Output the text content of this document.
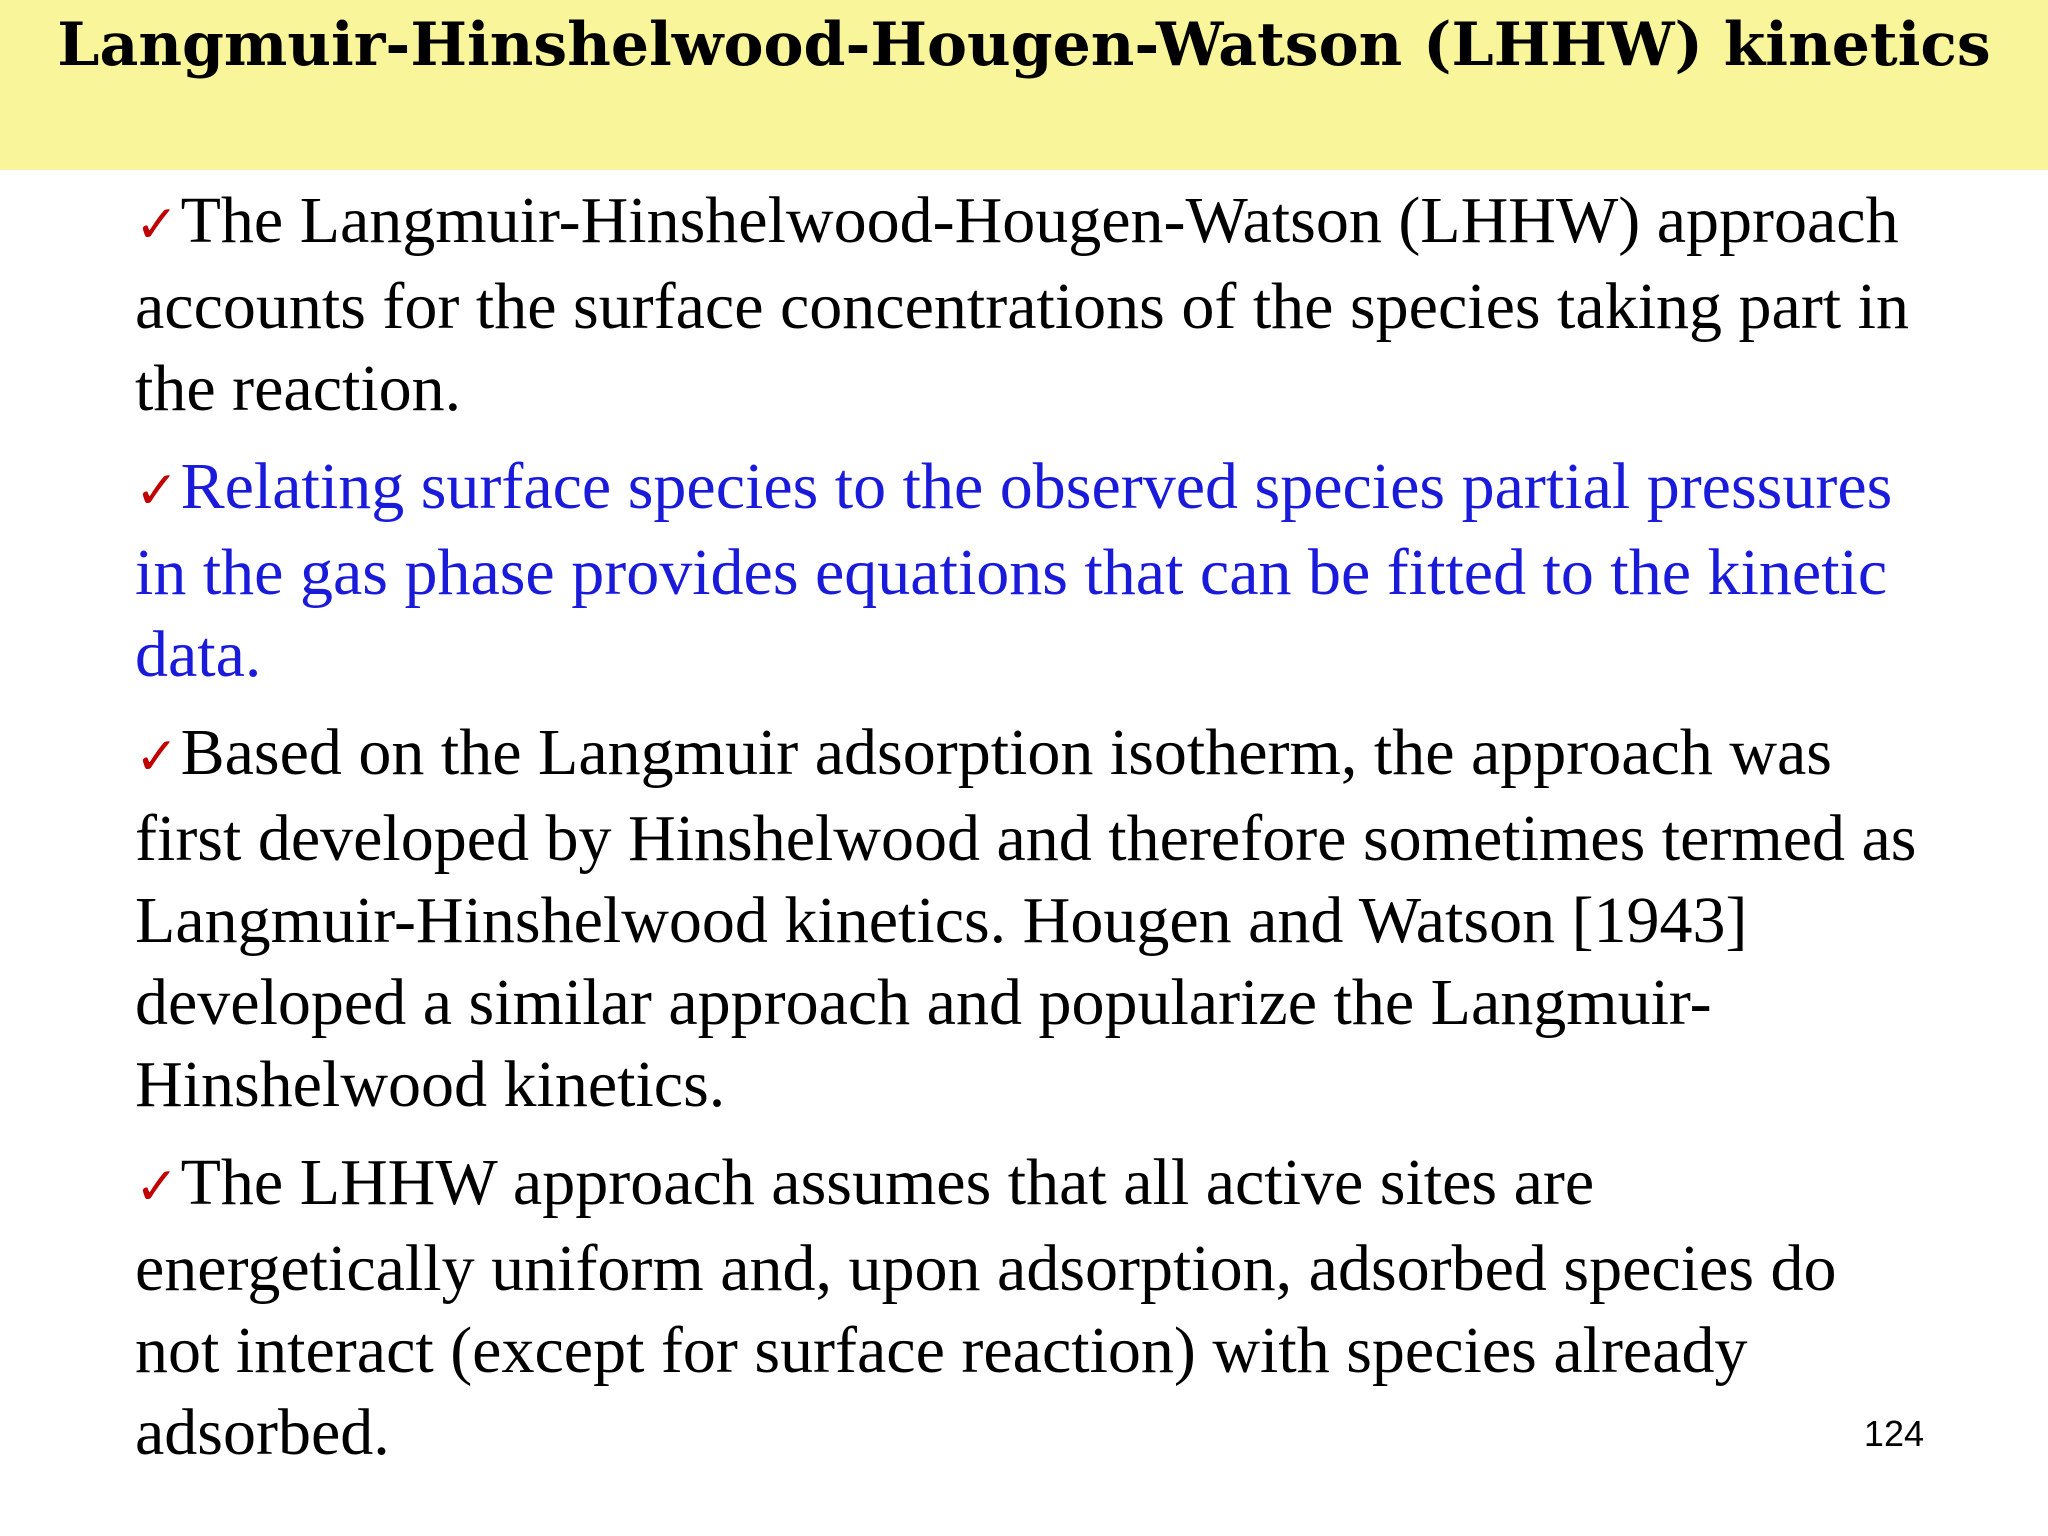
Langmuir-Hinshelwood-Hougen-Watson (LHHW) kinetics
✓The Langmuir-Hinshelwood-Hougen-Watson (LHHW) approach accounts for the surface concentrations of the species taking part in the reaction.
✓Relating surface species to the observed species partial pressures in the gas phase provides equations that can be fitted to the kinetic data.
✓Based on the Langmuir adsorption isotherm, the approach was first developed by Hinshelwood and therefore sometimes termed as Langmuir-Hinshelwood kinetics. Hougen and Watson [1943] developed a similar approach and popularize the Langmuir-Hinshelwood kinetics.
✓The LHHW approach assumes that all active sites are energetically uniform and, upon adsorption, adsorbed species do not interact (except for surface reaction) with species already adsorbed.	124
